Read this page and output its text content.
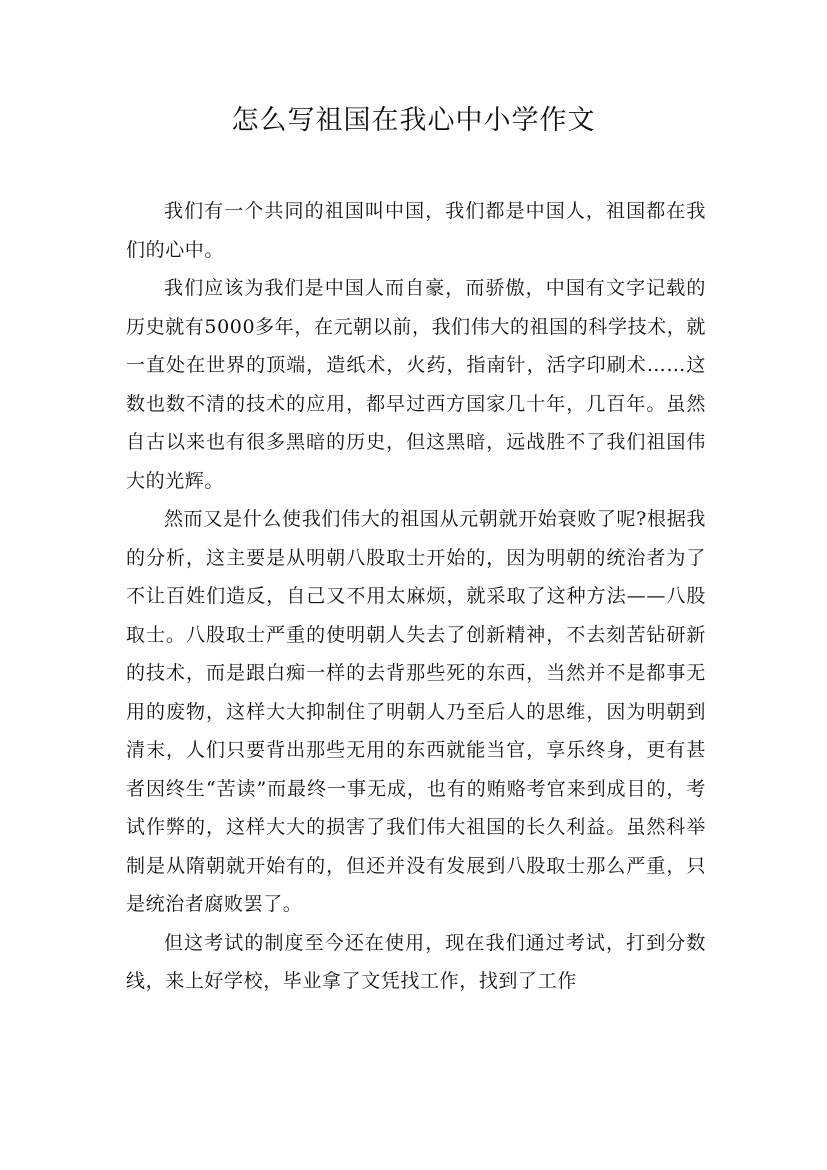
怎么写祖国在我心中小学作文

我们有一个共同的祖国叫中国，我们都是中国人，祖国都在我们的心中。

我们应该为我们是中国人而自豪，而骄傲，中国有文字记载的历史就有5000多年，在元朝以前，我们伟大的祖国的科学技术，就一直处在世界的顶端，造纸术，火药，指南针，活字印刷术……这数也数不清的技术的应用，都早过西方国家几十年，几百年。虽然自古以来也有很多黑暗的历史，但这黑暗，远战胜不了我们祖国伟大的光辉。

然而又是什么使我们伟大的祖国从元朝就开始衰败了呢?根据我的分析，这主要是从明朝八股取士开始的，因为明朝的统治者为了不让百姓们造反，自己又不用太麻烦，就采取了这种方法——八股取士。八股取士严重的使明朝人失去了创新精神，不去刻苦钻研新的技术，而是跟白痴一样的去背那些死的东西，当然并不是都事无用的废物，这样大大抑制住了明朝人乃至后人的思维，因为明朝到清末，人们只要背出那些无用的东西就能当官，享乐终身，更有甚者因终生“苦读”而最终一事无成，也有的贿赂考官来到成目的，考试作弊的，这样大大的损害了我们伟大祖国的长久利益。虽然科举制是从隋朝就开始有的，但还并没有发展到八股取士那么严重，只是统治者腐败罢了。

但这考试的制度至今还在使用，现在我们通过考试，打到分数线，来上好学校，毕业拿了文凭找工作，找到了工作
